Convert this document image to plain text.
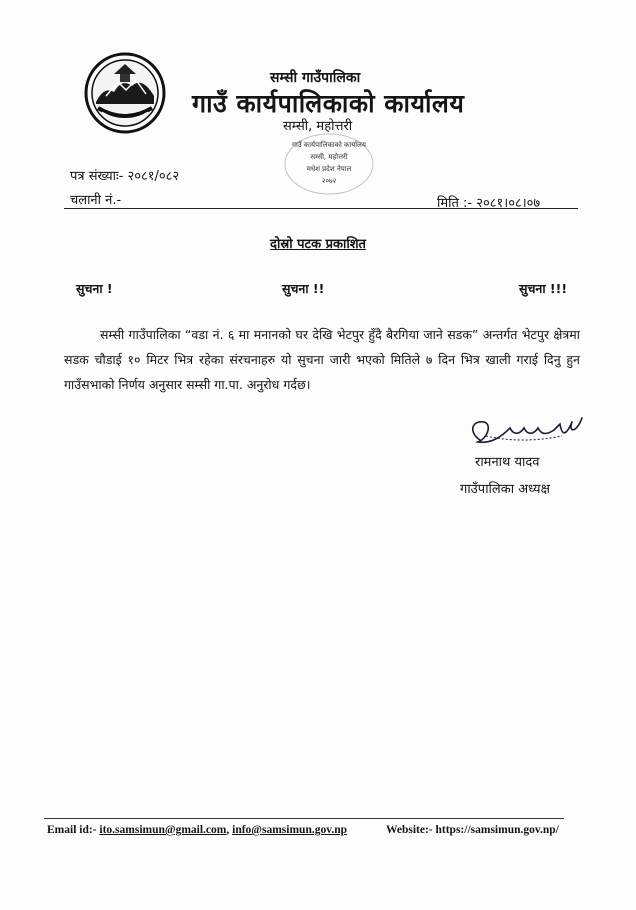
सम्सी गाउँपालिका
गाउँ कार्यपालिकाको कार्यालय
सम्सी, महोत्तरी
गाउँ कार्यपालिकाको कार्यालय
सम्सी, महोत्तरी
मधेश प्रदेश नेपाल
२०७२
पत्र संख्याः- २०८१/०८२
चलानी नं.-	मिति :- २०८१।०८।०७
दोस्रो पटक प्रकाशित
सुचना !	सुचना !!	सुचना !!!
सम्सी गाउँपालिका “वडा नं. ६ मा मनानको घर देखि भेटपुर हुँदै बैरगिया जाने सडक” अन्तर्गत भेटपुर क्षेत्रमा सडक चौडाई १० मिटर भित्र रहेका संरचनाहरु यो सुचना जारी भएको मितिले ७ दिन भित्र खाली गराई दिनु हुन गाउँसभाको निर्णय अनुसार सम्सी गा.पा. अनुरोध गर्दछ।
रामनाथ यादव
गाउँपालिका अध्यक्ष
Email id:- ito.samsimun@gmail.com, info@samsimun.gov.np	Website:- https://samsimun.gov.np/
